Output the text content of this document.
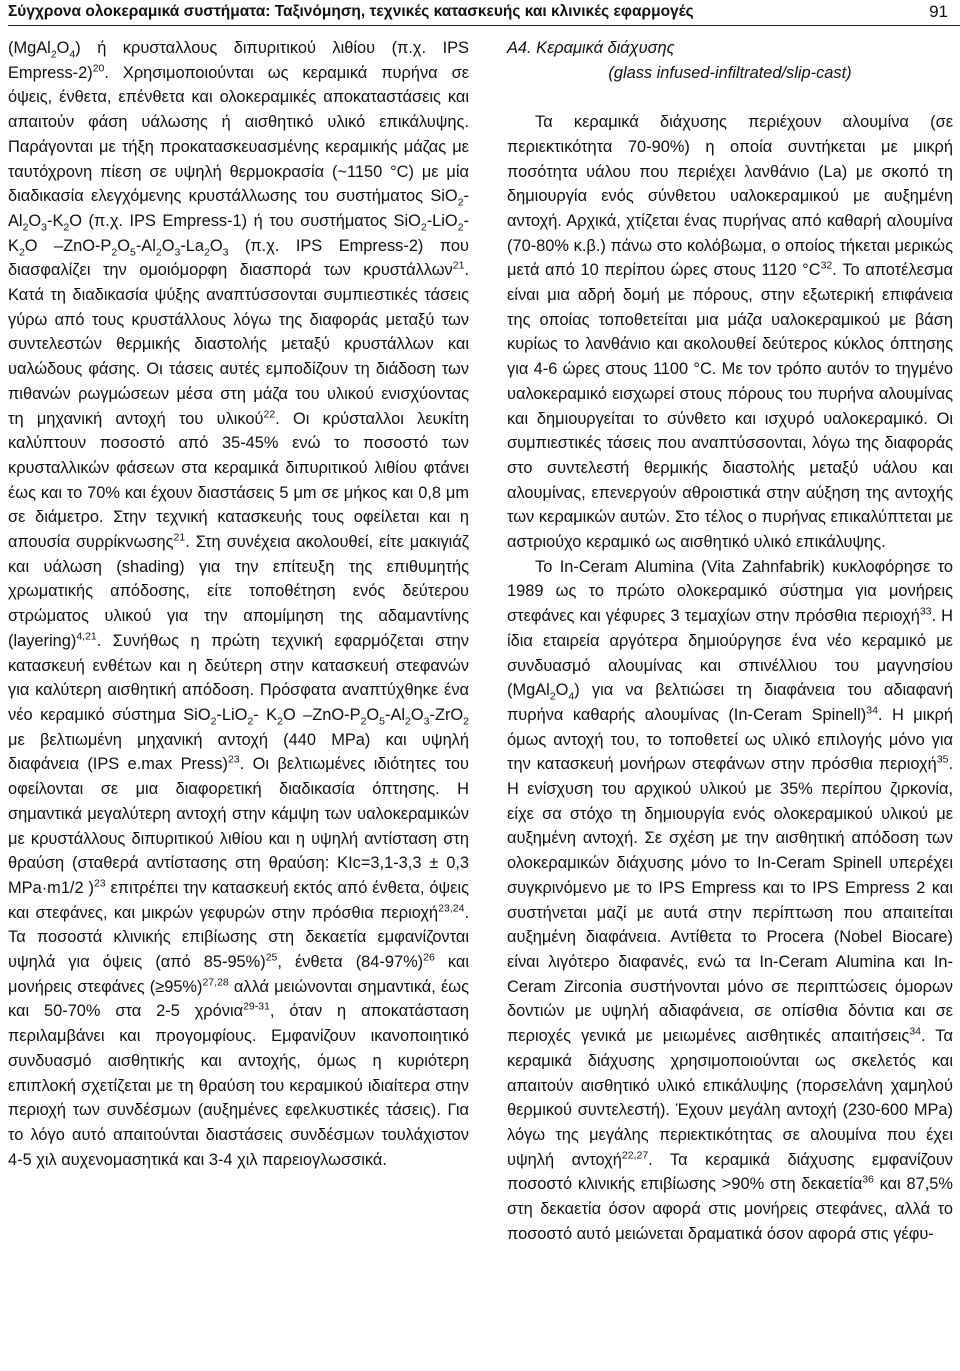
Σύγχρονα ολοκεραμικά συστήματα: Ταξινόμηση, τεχνικές κατασκευής και κλινικές εφαρμογές	91

$(MgAl_2O_4)$ ή κρυσταλλους διπυριτικού λιθίου (π.χ. IPS Empress-2)$^{20}$. Χρησιμοποιούνται ως κεραμικά πυρήνα σε όψεις, ένθετα, επένθετα και ολοκεραμικές αποκαταστάσεις και απαιτούν φάση υάλωσης ή αισθητικό υλικό επικάλυψης. Παράγονται με τήξη προκατασκευασμένης κεραμικής μάζας με ταυτόχρονη πίεση σε υψηλή θερμοκρασία (~1150 °C) με μία διαδικασία ελεγχόμενης κρυστάλλωσης του συστήματος $SiO_2-Al_2O_3-K_2O$ (π.χ. IPS Empress-1) ή του συστήματος SiO$_2$-LiO$_2$- $K_2O$ $-ZnO-P_2O_5-Al_2O_3-La_2O_3$ (π.χ. IPS Empress-2) που διασφαλίζει την ομοιόμορφη διασπορά των κρυστάλλων$^{21}$. Κατά τη διαδικασία ψύξης αναπτύσσονται συμπιεστικές τάσεις γύρω από τους κρυστάλλους λόγω της διαφοράς μεταξύ των συντελεστών θερμικής διαστολής μεταξύ κρυστάλλων και υαλώδους φάσης. Οι τάσεις αυτές εμποδίζουν τη διάδοση των πιθανών ρωγμώσεων μέσα στη μάζα του υλικού ενισχύοντας τη μηχανική αντοχή του υλικού$^{22}$. Οι κρύσταλλοι λευκίτη καλύπτουν ποσοστό από 35-45% ενώ το ποσοστό των κρυσταλλικών φάσεων στα κεραμικά διπυριτικού λιθίου φτάνει έως και το 70% και έχουν διαστάσεις 5 μm σε μήκος και 0,8 μm σε διάμετρο. Στην τεχνική κατασκευής τους οφείλεται και η απουσία συρρίκνωσης$^{21}$. Στη συνέχεια ακολουθεί, είτε μακιγιάζ και υάλωση (shading) για την επίτευξη της επιθυμητής χρωματικής απόδοσης, είτε τοποθέτηση ενός δεύτερου στρώματος υλικού για την απομίμηση της αδαμαντίνης (layering)$^{4,21}$. Συνήθως η πρώτη τεχνική εφαρμόζεται στην κατασκευή ενθέτων και η δεύτερη στην κατασκευή στεφανών για καλύτερη αισθητική απόδοση. Πρόσφατα αναπτύχθηκε ένα νέο κεραμικό σύστημα SiO$_2$-LiO$_2$- $K_2O$ $-ZnO-P_2O_5-Al_2O_3-ZrO_2$ με βελτιωμένη μηχανική αντοχή (440 MPa) και υψηλή διαφάνεια (IPS e.max Press)$^{23}$. Οι βελτιωμένες ιδιότητες του οφείλονται σε μια διαφορετική διαδικασία όπτησης. Η σημαντικά μεγαλύτερη αντοχή στην κάμψη των υαλοκεραμικών με κρυστάλλους διπυριτικού λιθίου και η υψηλή αντίσταση στη θραύση (σταθερά αντίστασης στη θραύση: KIc=3,1-3,3 ± 0,3 MPa·m1/2 )$^{23}$ επιτρέπει την κατασκευή εκτός από ένθετα, όψεις και στεφάνες, και μικρών γεφυρών στην πρόσθια περιοχή$^{23,24}$. Τα ποσοστά κλινικής επιβίωσης στη δεκαετία εμφανίζονται υψηλά για όψεις (από 85-95%)$^{25}$, ένθετα $(84-97\%)^{26}$ και μονήρεις στεφάνες (≥95%)$^{27,28}$ αλλά μειώνονται σημαντικά, έως και 50-70% στα 2-5 χρόνια$^{29-31}$, όταν η αποκατάσταση περιλαμβάνει και προγομφίους. Εμφανίζουν ικανοποιητικό συνδυασμό αισθητικής και αντοχής, όμως η κυριότερη επιπλοκή σχετίζεται με τη θραύση του κεραμικού ιδιαίτερα στην περιοχή των συνδέσμων (αυξημένες εφελκυστικές τάσεις). Για το λόγο αυτό απαιτούνται διαστάσεις συνδέσμων τουλάχιστον 4-5 χιλ αυχενομασητικά και 3-4 χιλ παρειογλωσσικά.

Α4. Κεραμικά διάχυσης

(glass infused-infiltrated/slip-cast)

Τα κεραμικά διάχυσης περιέχουν αλουμίνα (σε περιεκτικότητα 70-90%) η οποία συντήκεται με μικρή ποσότητα υάλου που περιέχει λανθάνιο (La) με σκοπό τη δημιουργία ενός σύνθετου υαλοκεραμικού με αυξημένη αντοχή. Αρχικά, χτίζεται ένας πυρήνας από καθαρή αλουμίνα (70-80% κ.β.) πάνω στο κολόβωμα, ο οποίος τήκεται μερικώς μετά από 10 περίπου ώρες στους 1120 $^\circ C^{32}$. Το αποτέλεσμα είναι μια αδρή δομή με πόρους, στην εξωτερική επιφάνεια της οποίας τοποθετείται μια μάζα υαλοκεραμικού με βάση κυρίως το λανθάνιο και ακολουθεί δεύτερος κύκλος όπτησης για 4-6 ώρες στους 1100 °C. Με τον τρόπο αυτόν το τηγμένο υαλοκεραμικό εισχωρεί στους πόρους του πυρήνα αλουμίνας και δημιουργείται το σύνθετο και ισχυρό υαλοκεραμικό. Οι συμπιεστικές τάσεις που αναπτύσσονται, λόγω της διαφοράς στο συντελεστή θερμικής διαστολής μεταξύ υάλου και αλουμίνας, επενεργούν αθροιστικά στην αύξηση της αντοχής των κεραμικών αυτών. Στο τέλος ο πυρήνας επικαλύπτεται με αστριούχο κεραμικό ως αισθητικό υλικό επικάλυψης.

Το In-Ceram Alumina (Vita Zahnfabrik) κυκλοφόρησε το 1989 ως το πρώτο ολοκεραμικό σύστημα για μονήρεις στεφάνες και γέφυρες 3 τεμαχίων στην πρόσθια περιοχή$^{33}$. Η ίδια εταιρεία αργότερα δημιούργησε ένα νέο κεραμικό με συνδυασμό αλουμίνας και σπινέλλιου του μαγνησίου $(MgAl_2O_4)$ για να βελτιώσει τη διαφάνεια του αδιαφανή πυρήνα καθαρής αλουμίνας (In-Ceram Spinell)$^{34}$. Η μικρή όμως αντοχή του, το τοποθετεί ως υλικό επιλογής μόνο για την κατασκευή μονήρων στεφάνων στην πρόσθια περιοχή$^{35}$. Η ενίσχυση του αρχικού υλικού με 35% περίπου ζιρκονία, είχε σα στόχο τη δημιουργία ενός ολοκεραμικού υλικού με αυξημένη αντοχή. Σε σχέση με την αισθητική απόδοση των ολοκεραμικών διάχυσης μόνο το In-Ceram Spinell υπερέχει συγκρινόμενο με το IPS Empress και το IPS Empress 2 και συστήνεται μαζί με αυτά στην περίπτωση που απαιτείται αυξημένη διαφάνεια. Αντίθετα το Procera (Nobel Biocare) είναι λιγότερο διαφανές, ενώ τα In-Ceram Alumina και In-Ceram Zirconia συστήνονται μόνο σε περιπτώσεις όμορων δοντιών με υψηλή αδιαφάνεια, σε οπίσθια δόντια και σε περιοχές γενικά με μειωμένες αισθητικές απαιτήσεις$^{34}$. Τα κεραμικά διάχυσης χρησιμοποιούνται ως σκελετός και απαιτούν αισθητικό υλικό επικάλυψης (πορσελάνη χαμηλού θερμικού συντελεστή). Έχουν μεγάλη αντοχή (230-600 MPa) λόγω της μεγάλης περιεκτικότητας σε αλουμίνα που έχει υψηλή αντοχή$^{22,27}$. Τα κεραμικά διάχυσης εμφανίζουν ποσοστό κλινικής επιβίωσης >90% στη δεκαετία$^{36}$ και 87,5% στη δεκαετία όσον αφορά στις μονήρεις στεφάνες, αλλά το ποσοστό αυτό μειώνεται δραματικά όσον αφορά στις γέφυ-
